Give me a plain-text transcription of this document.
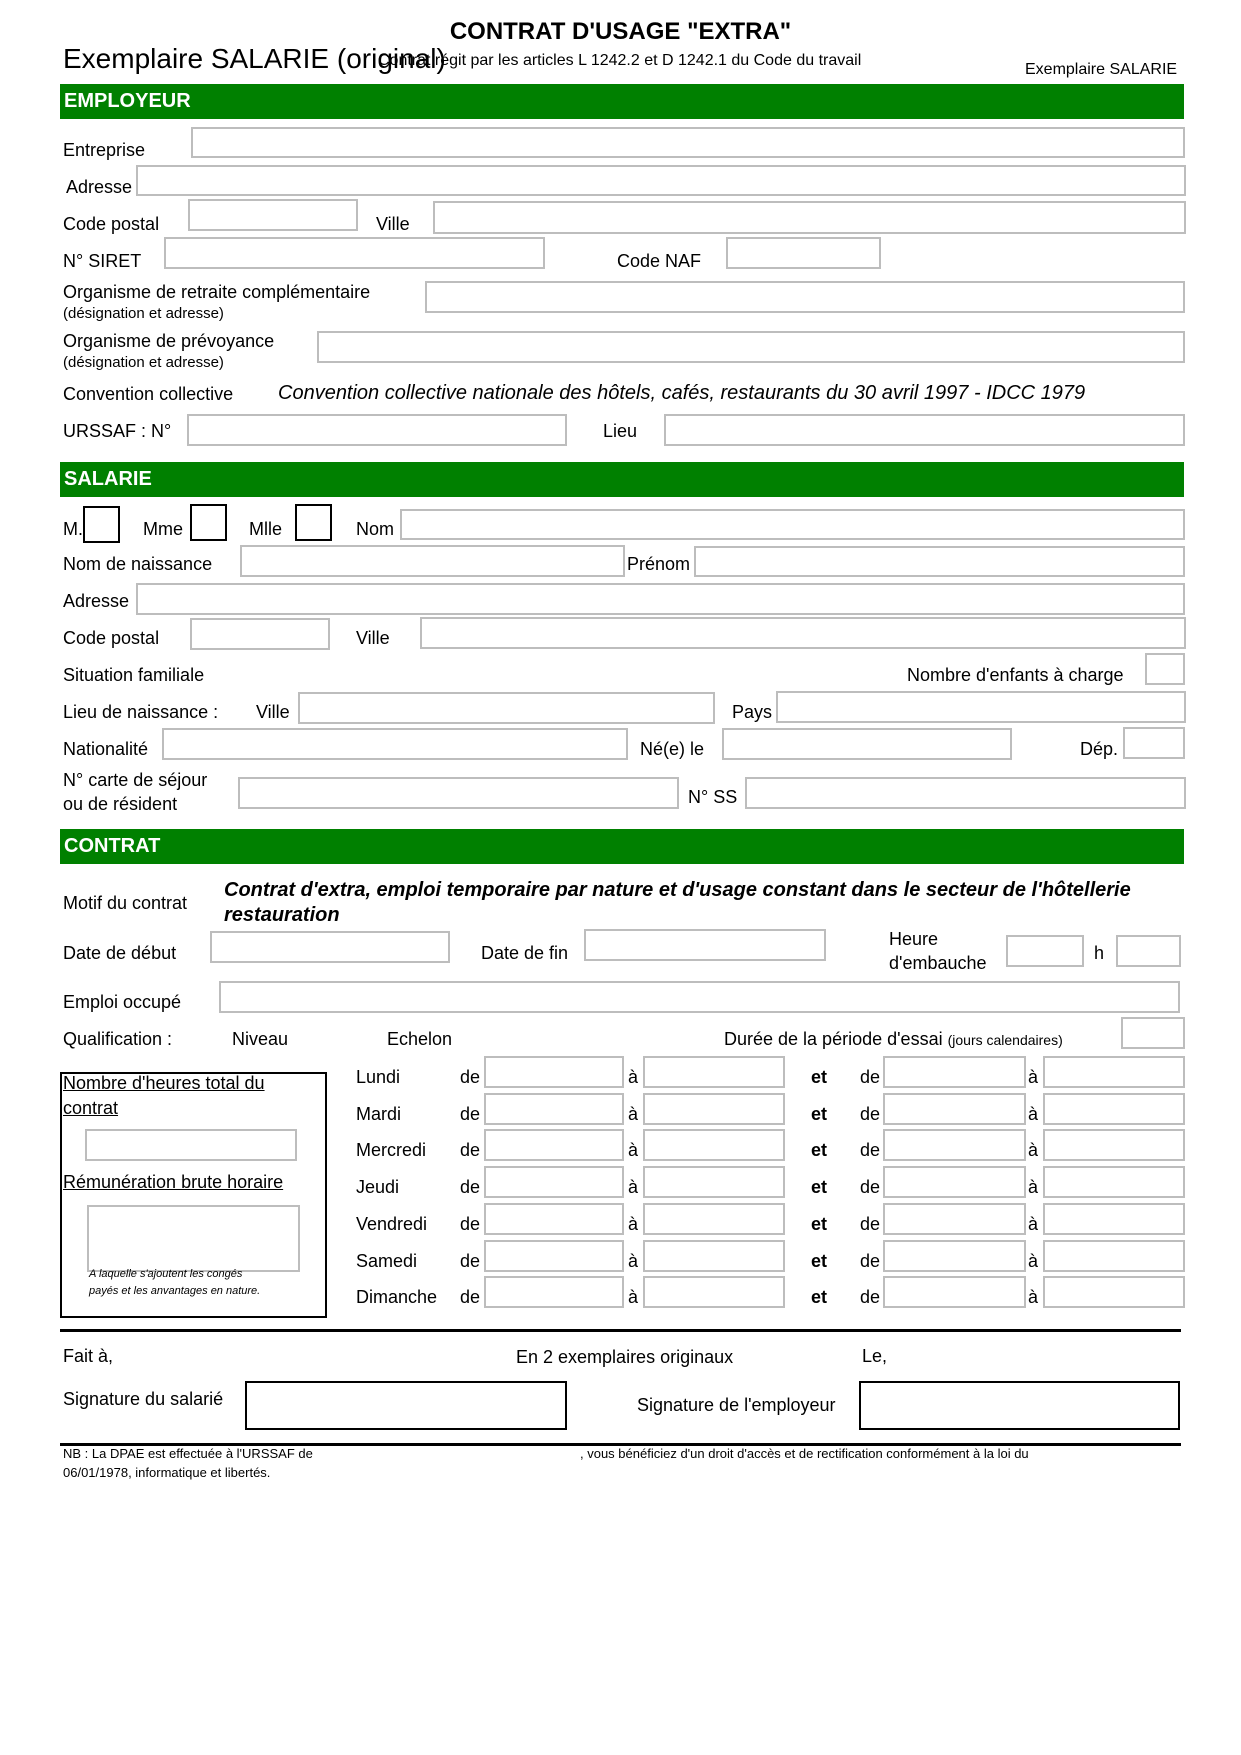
CONTRAT D'USAGE "EXTRA"
Exemplaire SALARIE (original)
Contrat régit par les articles L 1242.2 et D 1242.1 du Code du travail
Exemplaire SALARIE
EMPLOYEUR
Entreprise
Adresse
Code postal	Ville
N° SIRET	Code NAF
Organisme de retraite complémentaire
(désignation et adresse)
Organisme de prévoyance
(désignation et adresse)
Convention collective Convention collective nationale des hôtels, cafés, restaurants du 30 avril 1997 - IDCC 1979
URSSAF : N°	Lieu
SALARIE
M.	Mme	Mlle	Nom
Nom de naissance	Prénom
Adresse
Code postal	Ville
Situation familiale	Nombre d'enfants à charge
Lieu de naissance : Ville	Pays
Nationalité	Né(e) le	Dép.
N° carte de séjour
ou de résident	N° SS
CONTRAT
Motif du contrat
Contrat d'extra, emploi temporaire par nature et d'usage constant dans le secteur de l'hôtellerie
restauration
Date de début	Date de fin
Heure
d'embauche	h
Emploi occupé
Qualification :	Niveau	Echelon	Durée de la période d'essai (jours calendaires)
Nombre d'heures total du
contrat
Rémunération brute horaire
A laquelle s'ajoutent les congés
payés et les anvantages en nature.
Lundi	de	à	et de	à
Mardi	de	à	et de	à
Mercredi de	à	et de	à
Jeudi	de	à	et de	à
Vendredi de	à	et de	à
Samedi de	à	et de	à
Dimanche de	à	et de	à
Fait à,	En 2 exemplaires originaux	Le,
Signature du salarié	Signature de l'employeur
NB : La DPAE est effectuée à l'URSSAF de	, vous bénéficiez d'un droit d'accès et de rectification conformément à la loi du
06/01/1978, informatique et libertés.
